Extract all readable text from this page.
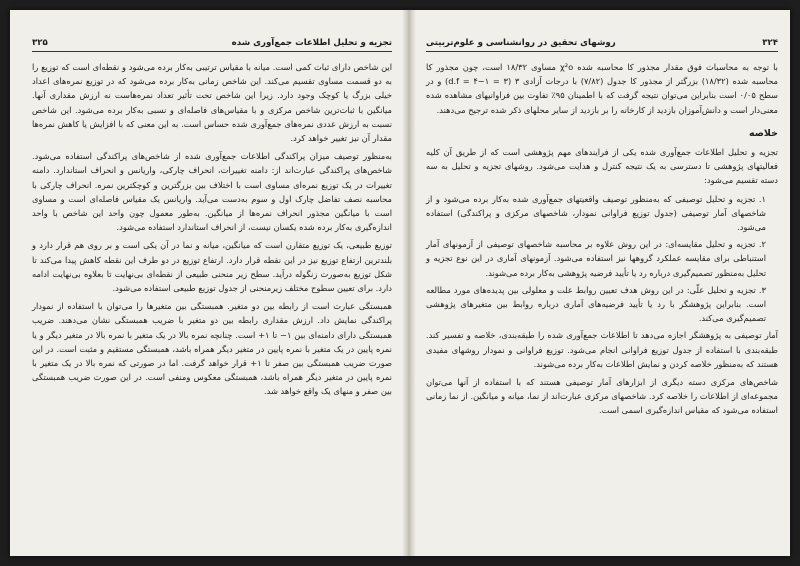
تجزیه و تحلیل اطلاعات جمع‌آوری شده
۳۲۵

این شاخص دارای ثبات کمی است. میانه با مقیاس ترتیبی به‌کار برده می‌شود و نقطه‌ای است که توزیع را به دو قسمت مساوی تقسیم می‌کند. این شاخص زمانی به‌کار برده می‌شود که در توزیع نمره‌های اعداد خیلی بزرگ یا کوچک وجود دارد. زیرا این شاخص تحت تأثیر تعداد نمره‌هاست نه ارزش مقداری آنها. میانگین با ثبات‌ترین شاخص مرکزی و با مقیاس‌های فاصله‌ای و نسبی به‌کار برده می‌شود. این شاخص نسبت به ارزش عددی نمره‌های جمع‌آوری شده حساس است. به این معنی که با افزایش یا کاهش نمره‌ها مقدار آن نیز تغییر خواهد کرد.

به‌منظور توصیف میزان پراکندگی اطلاعات جمع‌آوری شده از شاخص‌های پراکندگی استفاده می‌شود. شاخص‌های پراکندگی عبارت‌اند از: دامنه تغییرات، انحراف چارکی، واریانس و انحراف استاندارد. دامنه تغییرات در یک توزیع نمره‌ای مساوی است با اختلاف بین بزرگترین و کوچکترین نمره. انحراف چارکی با محاسبه نصف تفاضل چارک اول و سوم به‌دست می‌آید. واریانس یک مقیاس فاصله‌ای است و مساوی است با میانگین مجذور انحراف نمره‌ها از میانگین. به‌طور معمول چون واحد این شاخص با واحد اندازه‌گیری به‌کار برده شده یکسان نیست، از انحراف استاندارد استفاده می‌شود.

توزیع طبیعی، یک توزیع متقارن است که میانگین، میانه و نما در آن یکی است و بر روی هم قرار دارد و بلندترین ارتفاع توزیع نیز در این نقطه قرار دارد. ارتفاع توزیع در دو طرف این نقطه کاهش پیدا می‌کند تا شکل توزیع به‌صورت زنگوله درآید. سطح زیر منحنی طبیعی از نقطه‌ای بی‌نهایت تا بعلاوه بی‌نهایت ادامه دارد. برای تعیین سطوح مختلف زیرمنحنی از جدول توزیع طبیعی استفاده می‌شود.

همبستگی عبارت است از رابطه بین دو متغیر. همبستگی بین متغیرها را می‌توان با استفاده از نمودار پراکندگی نمایش داد. ارزش مقداری رابطه بین دو متغیر با ضریب همبستگی نشان می‌دهند. ضریب همبستگی دارای دامنه‌ای بین ۱− تا ۱+ است. چنانچه نمره بالا در یک متغیر با نمره بالا در متغیر دیگر و یا نمره پایین در یک متغیر با نمره پایین در متغیر دیگر همراه باشد، همبستگی مستقیم و مثبت است. در این صورت ضریب همبستگی بین صفر تا ۱+ قرار خواهد گرفت. اما در صورتی که نمره بالا در یک متغیر با نمره پایین در متغیر دیگر همراه باشد، همبستگی معکوس ومنفی است. در این صورت ضریب همبستگی بین صفر و منهای یک واقع خواهد شد.

۳۲۴
روشهای تحقیق در روانشناسی و علوم‌تربیتی

با توجه به محاسبات فوق مقدار مجذور کا محاسبه شده χ²o مساوی ۱۸/۳۲ است، چون مجذور کا محاسبه شده (۱۸/۳۲) بزرگتر از مجذور کا جدول (۷/۸۲) با درجات آزادی ۳ (d.f = ۴−۱ = ۳) و در سطح ۰/۰۵ است بنابراین می‌توان نتیجه گرفت که با اطمینان ۹۵٪ تفاوت بین فراوانیهای مشاهده شده معنی‌دار است و دانش‌آموزان بازدید از کارخانه را بر بازدید از سایر محلهای ذکر شده ترجیح می‌دهند.

خلاصه

تجزیه و تحلیل اطلاعات جمع‌آوری شده یکی از فرایندهای مهم پژوهشی است که از طریق آن کلیه فعالیتهای پژوهشی تا دسترسی به یک نتیجه کنترل و هدایت می‌شود. روشهای تجزیه و تحلیل به سه دسته تقسیم می‌شود:

۱. تجزیه و تحلیل توصیفی که به‌منظور توصیف واقعیتهای جمع‌آوری شده به‌کار برده می‌شود و از شاخصهای آمار توصیفی (جدول توزیع فراوانی نمودار، شاخصهای مرکزی و پراکندگی) استفاده می‌شود.
۲. تجزیه و تحلیل مقایسه‌ای: در این روش علاوه بر محاسبه شاخصهای توصیفی از آزمونهای آمار استنباطی برای مقایسه عملکرد گروهها نیز استفاده می‌شود. آزمونهای آماری در این نوع تجزیه و تحلیل به‌منظور تصمیم‌گیری درباره رد یا تأیید فرضیه پژوهشی به‌کار برده می‌شوند.
۳. تجزیه و تحلیل علّی: در این روش هدف تعیین روابط علت و معلولی بین پدیده‌های مورد مطالعه است. بنابراین پژوهشگر با رد یا تأیید فرضیه‌های آماری درباره روابط بین متغیرهای پژوهشی تصمیم‌گیری می‌کند.

آمار توصیفی به پژوهشگر اجازه می‌دهد تا اطلاعات جمع‌آوری شده را طبقه‌بندی، خلاصه و تفسیر کند. طبقه‌بندی با استفاده از جدول توزیع فراوانی انجام می‌شود. توزیع فراوانی و نمودار روشهای مفیدی هستند که به‌منظور خلاصه کردن و نمایش اطلاعات به‌کار برده می‌شوند.

شاخص‌های مرکزی دسته دیگری از ابزارهای آمار توصیفی هستند که با استفاده از آنها می‌توان مجموعه‌ای از اطلاعات را خلاصه کرد. شاخصهای مرکزی عبارت‌اند از نما، میانه و میانگین. از نما زمانی استفاده می‌شود که مقیاس اندازه‌گیری اسمی است.
